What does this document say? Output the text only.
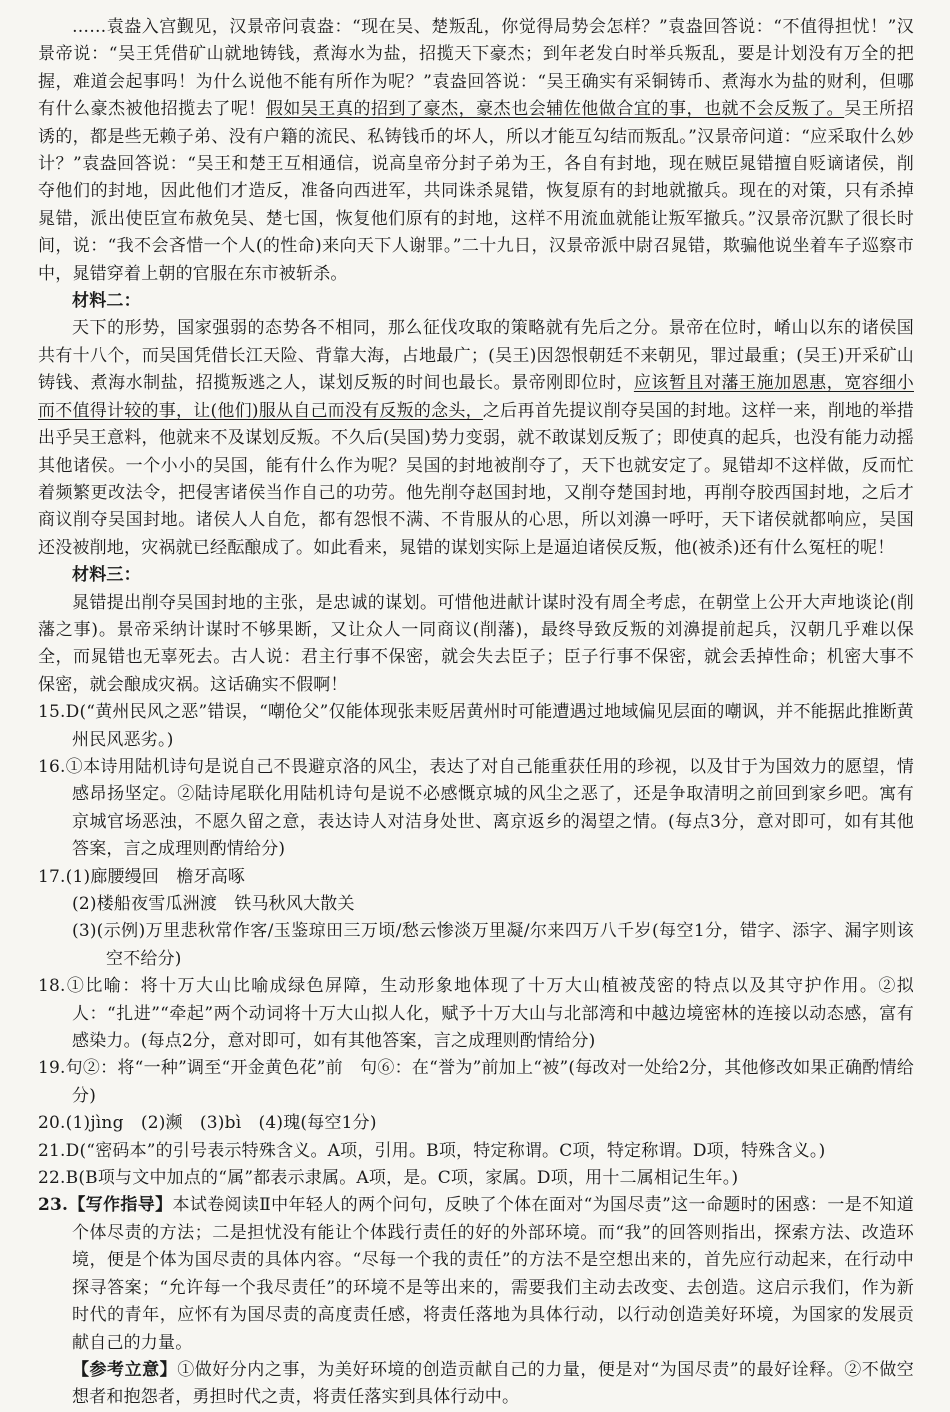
……袁盎入宫觐见，汉景帝问袁盎：“现在吴、楚叛乱，你觉得局势会怎样？”袁盎回答说：“不值得担忧！”汉景帝说：“吴王凭借矿山就地铸钱，煮海水为盐，招揽天下豪杰；到年老发白时举兵叛乱，要是计划没有万全的把握，难道会起事吗！为什么说他不能有所作为呢？”袁盎回答说：“吴王确实有采铜铸币、煮海水为盐的财利，但哪有什么豪杰被他招揽去了呢！假如吴王真的招到了豪杰，豪杰也会辅佐他做合宜的事，也就不会反叛了。吴王所招诱的，都是些无赖子弟、没有户籍的流民、私铸钱币的坏人，所以才能互勾结而叛乱。”汉景帝问道：“应采取什么妙计？”袁盎回答说：“吴王和楚王互相通信，说高皇帝分封子弟为王，各自有封地，现在贼臣晁错擅自贬谪诸侯，削夺他们的封地，因此他们才造反，准备向西进军，共同诛杀晁错，恢复原有的封地就撤兵。现在的对策，只有杀掉晁错，派出使臣宣布赦免吴、楚七国，恢复他们原有的封地，这样不用流血就能让叛军撤兵。”汉景帝沉默了很长时间，说：“我不会吝惜一个人(的性命)来向天下人谢罪。”二十九日，汉景帝派中尉召晁错，欺骗他说坐着车子巡察市中，晁错穿着上朝的官服在东市被斩杀。

材料二：

天下的形势，国家强弱的态势各不相同，那么征伐攻取的策略就有先后之分。景帝在位时，崤山以东的诸侯国共有十八个，而吴国凭借长江天险、背靠大海，占地最广；(吴王)因怨恨朝廷不来朝见，罪过最重；(吴王)开采矿山铸钱、煮海水制盐，招揽叛逃之人，谋划反叛的时间也最长。景帝刚即位时，应该暂且对藩王施加恩惠，宽容细小而不值得计较的事，让(他们)服从自己而没有反叛的念头，之后再首先提议削夺吴国的封地。这样一来，削地的举措出乎吴王意料，他就来不及谋划反叛。不久后(吴国)势力变弱，就不敢谋划反叛了；即使真的起兵，也没有能力动摇其他诸侯。一个小小的吴国，能有什么作为呢？吴国的封地被削夺了，天下也就安定了。晁错却不这样做，反而忙着频繁更改法令，把侵害诸侯当作自己的功劳。他先削夺赵国封地，又削夺楚国封地，再削夺胶西国封地，之后才商议削夺吴国封地。诸侯人人自危，都有怨恨不满、不肯服从的心思，所以刘濞一呼吁，天下诸侯就都响应，吴国还没被削地，灾祸就已经酝酿成了。如此看来，晁错的谋划实际上是逼迫诸侯反叛，他(被杀)还有什么冤枉的呢！

材料三：

晁错提出削夺吴国封地的主张，是忠诚的谋划。可惜他进献计谋时没有周全考虑，在朝堂上公开大声地谈论(削藩之事)。景帝采纳计谋时不够果断，又让众人一同商议(削藩)，最终导致反叛的刘濞提前起兵，汉朝几乎难以保全，而晁错也无辜死去。古人说：君主行事不保密，就会失去臣子；臣子行事不保密，就会丢掉性命；机密大事不保密，就会酿成灾祸。这话确实不假啊！

15.D(“黄州民风之恶”错误，“嘲伧父”仅能体现张耒贬居黄州时可能遭遇过地域偏见层面的嘲讽，并不能据此推断黄州民风恶劣。)

16.①本诗用陆机诗句是说自己不畏避京洛的风尘，表达了对自己能重获任用的珍视，以及甘于为国效力的愿望，情感昂扬坚定。②陆诗尾联化用陆机诗句是说不必感慨京城的风尘之恶了，还是争取清明之前回到家乡吧。寓有京城官场恶浊，不愿久留之意，表达诗人对洁身处世、离京返乡的渴望之情。(每点3分，意对即可，如有其他答案，言之成理则酌情给分)

17.(1)廊腰缦回　檐牙高啄

(2)楼船夜雪瓜洲渡　铁马秋风大散关

(3)(示例)万里悲秋常作客/玉鉴琼田三万顷/愁云惨淡万里凝/尔来四万八千岁(每空1分，错字、添字、漏字则该空不给分)

18.①比喻：将十万大山比喻成绿色屏障，生动形象地体现了十万大山植被茂密的特点以及其守护作用。②拟人：“扎进”“牵起”两个动词将十万大山拟人化，赋予十万大山与北部湾和中越边境密林的连接以动态感，富有感染力。(每点2分，意对即可，如有其他答案，言之成理则酌情给分)

19.句②：将“一种”调至“开金黄色花”前　句⑥：在“誉为”前加上“被”(每改对一处给2分，其他修改如果正确酌情给分)

20.(1)jìng　(2)濒　(3)bì　(4)瑰(每空1分)

21.D(“密码本”的引号表示特殊含义。A项，引用。B项，特定称谓。C项，特定称谓。D项，特殊含义。)

22.B(B项与文中加点的“属”都表示隶属。A项，是。C项，家属。D项，用十二属相记生年。)

23.【写作指导】本试卷阅读Ⅱ中年轻人的两个问句，反映了个体在面对“为国尽责”这一命题时的困惑：一是不知道个体尽责的方法；二是担忧没有能让个体践行责任的好的外部环境。而“我”的回答则指出，探索方法、改造环境，便是个体为国尽责的具体内容。“尽每一个我的责任”的方法不是空想出来的，首先应行动起来，在行动中探寻答案；“允许每一个我尽责任”的环境不是等出来的，需要我们主动去改变、去创造。这启示我们，作为新时代的青年，应怀有为国尽责的高度责任感，将责任落地为具体行动，以行动创造美好环境，为国家的发展贡献自己的力量。

【参考立意】①做好分内之事，为美好环境的创造贡献自己的力量，便是对“为国尽责”的最好诠释。②不做空想者和抱怨者，勇担时代之责，将责任落实到具体行动中。
